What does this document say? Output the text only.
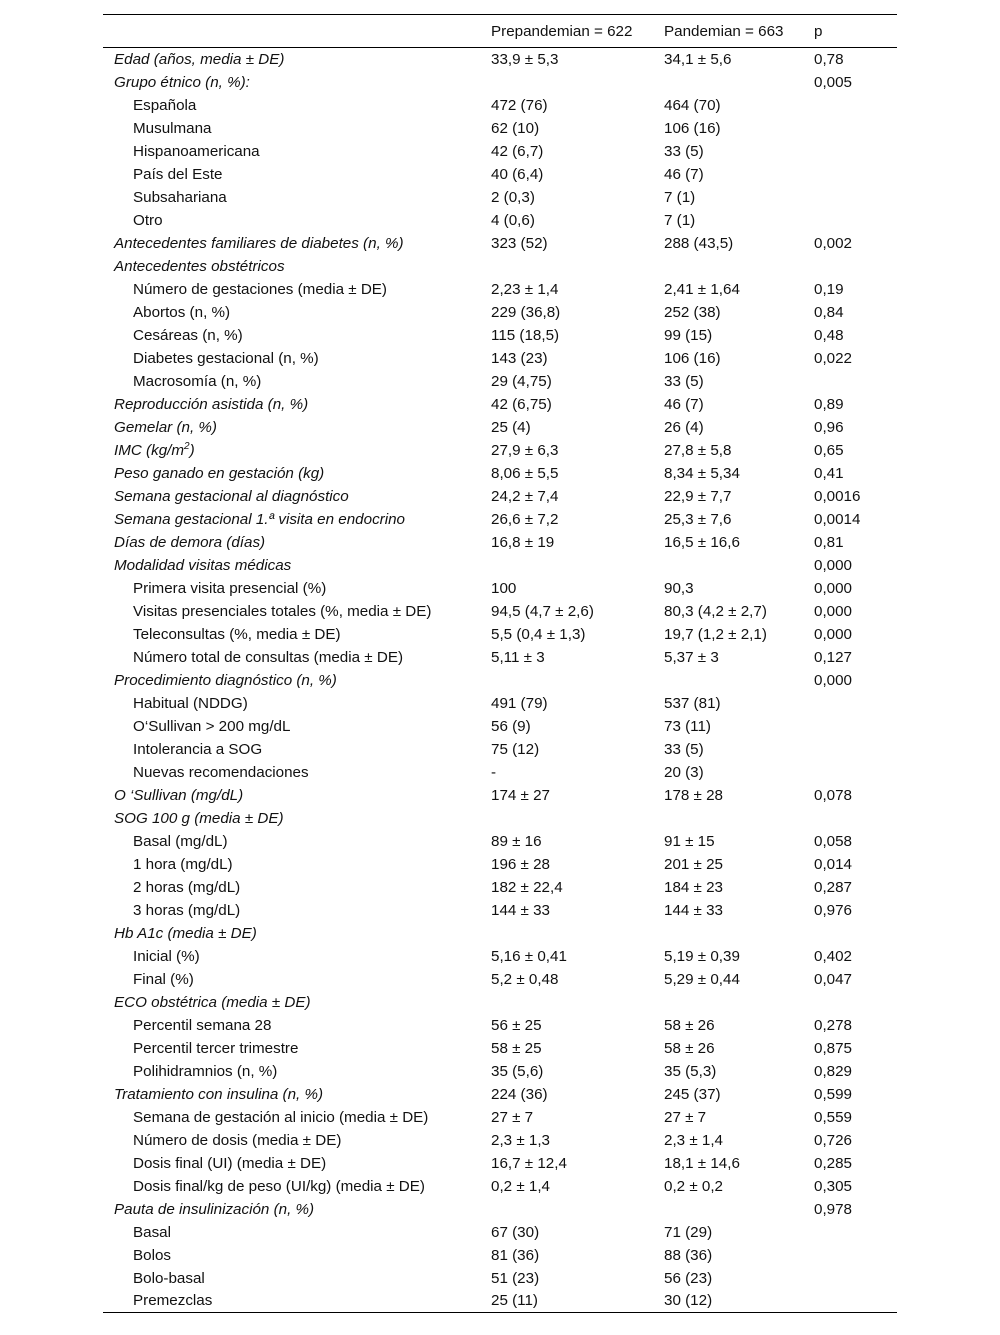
	Prepandemian = 622	Pandemian = 663	p
Edad (años, media ± DE)	33,9 ± 5,3	34,1 ± 5,6	0,78
Grupo étnico (n, %):			0,005
Española	472 (76)	464 (70)	
Musulmana	62 (10)	106 (16)	
Hispanoamericana	42 (6,7)	33 (5)	
País del Este	40 (6,4)	46 (7)	
Subsahariana	2 (0,3)	7 (1)	
Otro	4 (0,6)	7 (1)	
Antecedentes familiares de diabetes (n, %)	323 (52)	288 (43,5)	0,002
Antecedentes obstétricos			
Número de gestaciones (media ± DE)	2,23 ± 1,4	2,41 ± 1,64	0,19
Abortos (n, %)	229 (36,8)	252 (38)	0,84
Cesáreas (n, %)	115 (18,5)	99 (15)	0,48
Diabetes gestacional (n, %)	143 (23)	106 (16)	0,022
Macrosomía (n, %)	29 (4,75)	33 (5)	
Reproducción asistida (n, %)	42 (6,75)	46 (7)	0,89
Gemelar (n, %)	25 (4)	26 (4)	0,96
IMC $(kg/m^2)$	27,9 ± 6,3	27,8 ± 5,8	0,65
Peso ganado en gestación (kg)	8,06 ± 5,5	8,34 ± 5,34	0,41
Semana gestacional al diagnóstico	24,2 ± 7,4	22,9 ± 7,7	0,0016
Semana gestacional 1.ª visita en endocrino	26,6 ± 7,2	25,3 ± 7,6	0,0014
Días de demora (días)	16,8 ± 19	16,5 ± 16,6	0,81
Modalidad visitas médicas			0,000
Primera visita presencial (%)	100	90,3	0,000
Visitas presenciales totales (%, media ± DE)	94,5 (4,7 ± 2,6)	80,3 (4,2 ± 2,7)	0,000
Teleconsultas (%, media ± DE)	5,5 (0,4 ± 1,3)	19,7 (1,2 ± 2,1)	0,000
Número total de consultas (media ± DE)	5,11 ± 3	5,37 ± 3	0,127
Procedimiento diagnóstico (n, %)			0,000
Habitual (NDDG)	491 (79)	537 (81)	
O‘Sullivan > 200 mg/dL	56 (9)	73 (11)	
Intolerancia a SOG	75 (12)	33 (5)	
Nuevas recomendaciones	-	20 (3)	
O ‘Sullivan (mg/dL)	174 ± 27	178 ± 28	0,078
SOG 100 g (media ± DE)			
Basal (mg/dL)	89 ± 16	91 ± 15	0,058
1 hora (mg/dL)	196 ± 28	201 ± 25	0,014
2 horas (mg/dL)	182 ± 22,4	184 ± 23	0,287
3 horas (mg/dL)	144 ± 33	144 ± 33	0,976
Hb A1c (media ± DE)			
Inicial (%)	5,16 ± 0,41	5,19 ± 0,39	0,402
Final (%)	5,2 ± 0,48	5,29 ± 0,44	0,047
ECO obstétrica (media ± DE)			
Percentil semana 28	56 ± 25	58 ± 26	0,278
Percentil tercer trimestre	58 ± 25	58 ± 26	0,875
Polihidramnios (n, %)	35 (5,6)	35 (5,3)	0,829
Tratamiento con insulina (n, %)	224 (36)	245 (37)	0,599
Semana de gestación al inicio (media ± DE)	27 ± 7	27 ± 7	0,559
Número de dosis (media ± DE)	2,3 ± 1,3	2,3 ± 1,4	0,726
Dosis final (UI) (media ± DE)	16,7 ± 12,4	18,1 ± 14,6	0,285
Dosis final/kg de peso (UI/kg) (media ± DE)	0,2 ± 1,4	0,2 ± 0,2	0,305
Pauta de insulinización (n, %)			0,978
Basal	67 (30)	71 (29)	
Bolos	81 (36)	88 (36)	
Bolo-basal	51 (23)	56 (23)	
Premezclas	25 (11)	30 (12)	
